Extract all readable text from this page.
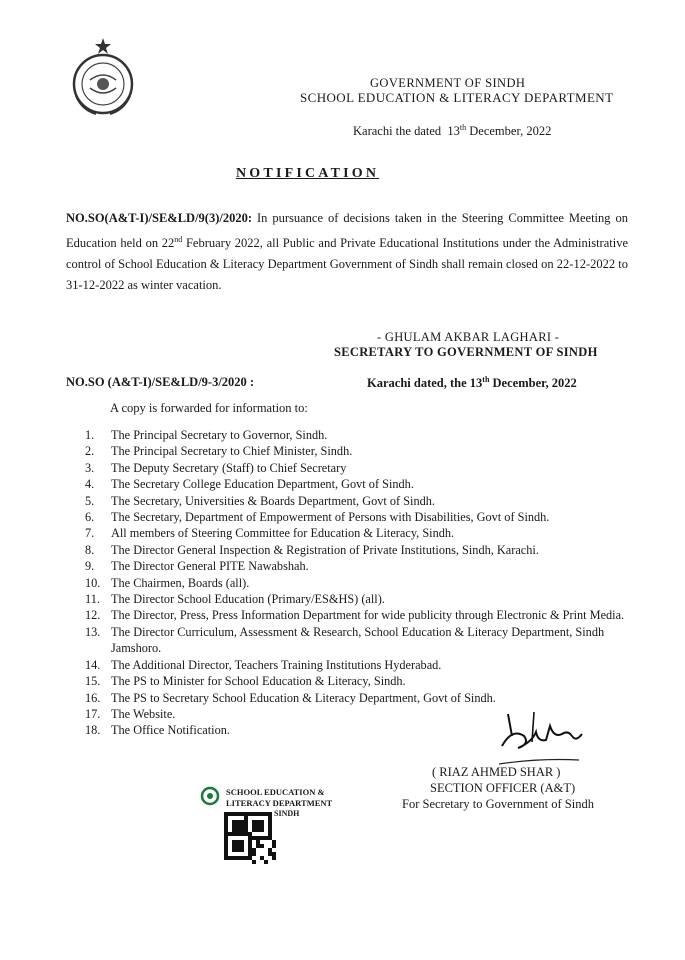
GOVERNMENT OF SINDH
SCHOOL EDUCATION & LITERACY DEPARTMENT
Karachi the dated 13th December, 2022
NOTIFICATION
NO.SO(A&T-I)/SE&LD/9(3)/2020: In pursuance of decisions taken in the Steering Committee Meeting on Education held on 22nd February 2022, all Public and Private Educational Institutions under the Administrative control of School Education & Literacy Department Government of Sindh shall remain closed on 22-12-2022 to 31-12-2022 as winter vacation.
- GHULAM AKBAR LAGHARI -
SECRETARY TO GOVERNMENT OF SINDH
NO.SO (A&T-I)/SE&LD/9-3/2020 :	Karachi dated, the 13th December, 2022
A copy is forwarded for information to:
1.	The Principal Secretary to Governor, Sindh.
2.	The Principal Secretary to Chief Minister, Sindh.
3.	The Deputy Secretary (Staff) to Chief Secretary
4.	The Secretary College Education Department, Govt of Sindh.
5.	The Secretary, Universities & Boards Department, Govt of Sindh.
6.	The Secretary, Department of Empowerment of Persons with Disabilities, Govt of Sindh.
7.	All members of Steering Committee for Education & Literacy, Sindh.
8.	The Director General Inspection & Registration of Private Institutions, Sindh, Karachi.
9.	The Director General PITE Nawabshah.
10. The Chairmen, Boards (all).
11. The Director School Education (Primary/ES&HS) (all).
12. The Director, Press, Press Information Department for wide publicity through Electronic & Print Media.
13. The Director Curriculum, Assessment & Research, School Education & Literacy Department, Sindh Jamshoro.
14. The Additional Director, Teachers Training Institutions Hyderabad.
15. The PS to Minister for School Education & Literacy, Sindh.
16. The PS to Secretary School Education & Literacy Department, Govt of Sindh.
17. The Website.
18. The Office Notification.
( RIAZ AHMED SHAR )
SECTION OFFICER (A&T)
For Secretary to Government of Sindh
SCHOOL EDUCATION &
LITERACY DEPARTMENT
SINDH
